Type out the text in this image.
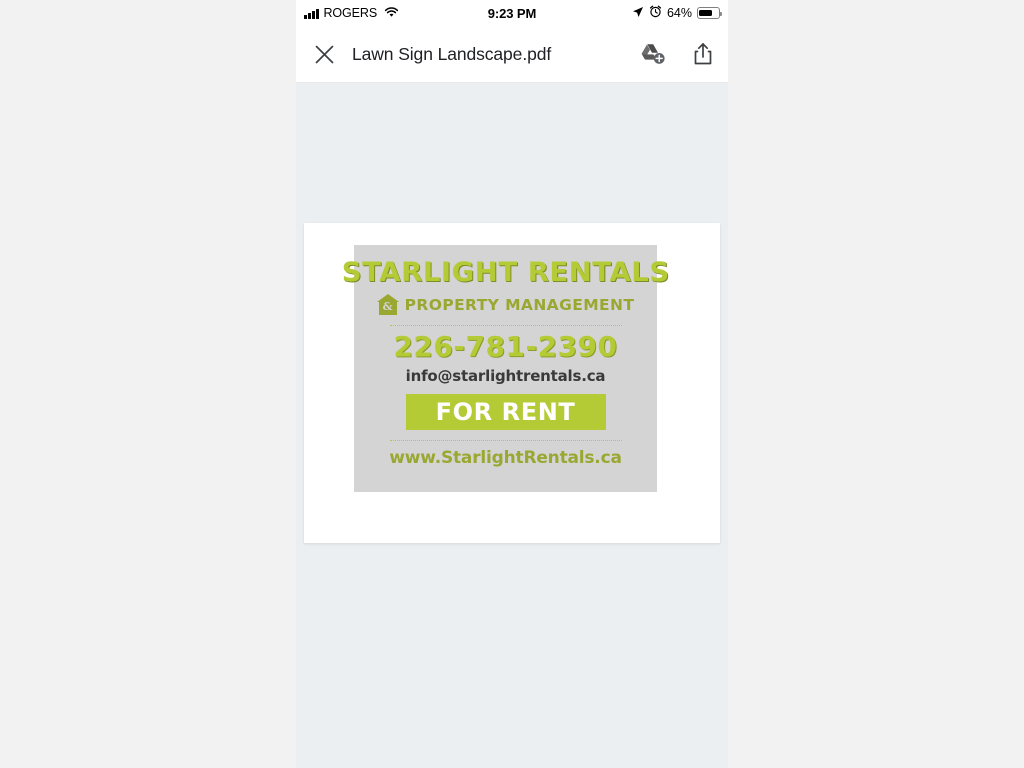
ROGERS	9:23 PM	64%
Lawn Sign Landscape.pdf
STARLIGHT RENTALS
& PROPERTY MANAGEMENT
226-781-2390
info@starlightrentals.ca
FOR RENT
www.StarlightRentals.ca
